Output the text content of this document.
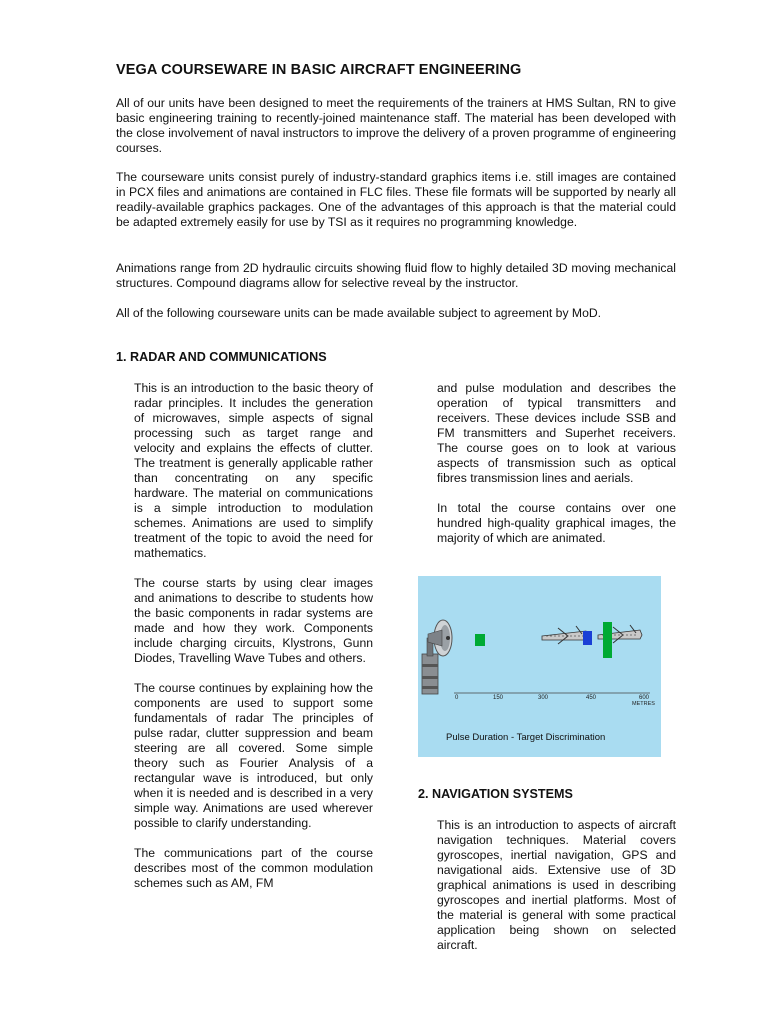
VEGA COURSEWARE IN BASIC AIRCRAFT ENGINEERING

All of our units have been designed to meet the requirements of the trainers at HMS Sultan, RN to give basic engineering training to recently-joined maintenance staff. The material has been developed with the close involvement of naval instructors to improve the delivery of a proven programme of engineering courses.

The courseware units consist purely of industry-standard graphics items i.e. still images are contained in PCX files and animations are contained in FLC files. These file formats will be supported by nearly all readily-available graphics packages. One of the advantages of this approach is that the material could be adapted extremely easily for use by TSI as it requires no programming knowledge.

Animations range from 2D hydraulic circuits showing fluid flow to highly detailed 3D moving mechanical structures. Compound diagrams allow for selective reveal by the instructor.

All of the following courseware units can be made available subject to agreement by MoD.

1. RADAR AND COMMUNICATIONS

This is an introduction to the basic theory of radar principles. It includes the generation of microwaves, simple aspects of signal processing such as target range and velocity and explains the effects of clutter. The treatment is generally applicable rather than concentrating on any specific hardware. The material on communications is a simple introduction to modulation schemes. Animations are used to simplify treatment of the topic to avoid the need for mathematics.

The course starts by using clear images and animations to describe to students how the basic components in radar systems are made and how they work. Components include charging circuits, Klystrons, Gunn Diodes, Travelling Wave Tubes and others.

The course continues by explaining how the components are used to support some fundamentals of radar The principles of pulse radar, clutter suppression and beam steering are all covered. Some simple theory such as Fourier Analysis of a rectangular wave is introduced, but only when it is needed and is described in a very simple way. Animations are used wherever possible to clarify understanding.

The communications part of the course describes most of the common modulation schemes such as AM, FM

and pulse modulation and describes the operation of typical transmitters and receivers. These devices include SSB and FM transmitters and Superhet receivers. The course goes on to look at various aspects of transmission such as optical fibres transmission lines and aerials.

In total the course contains over one hundred high-quality graphical images, the majority of which are animated.

0	150	300	450	600
METRES
Pulse Duration - Target Discrimination
2. NAVIGATION SYSTEMS

This is an introduction to aspects of aircraft navigation techniques. Material covers gyroscopes, inertial navigation, GPS and navigational aids. Extensive use of 3D graphical animations is used in describing gyroscopes and inertial platforms. Most of the material is general with some practical application being shown on selected aircraft.
